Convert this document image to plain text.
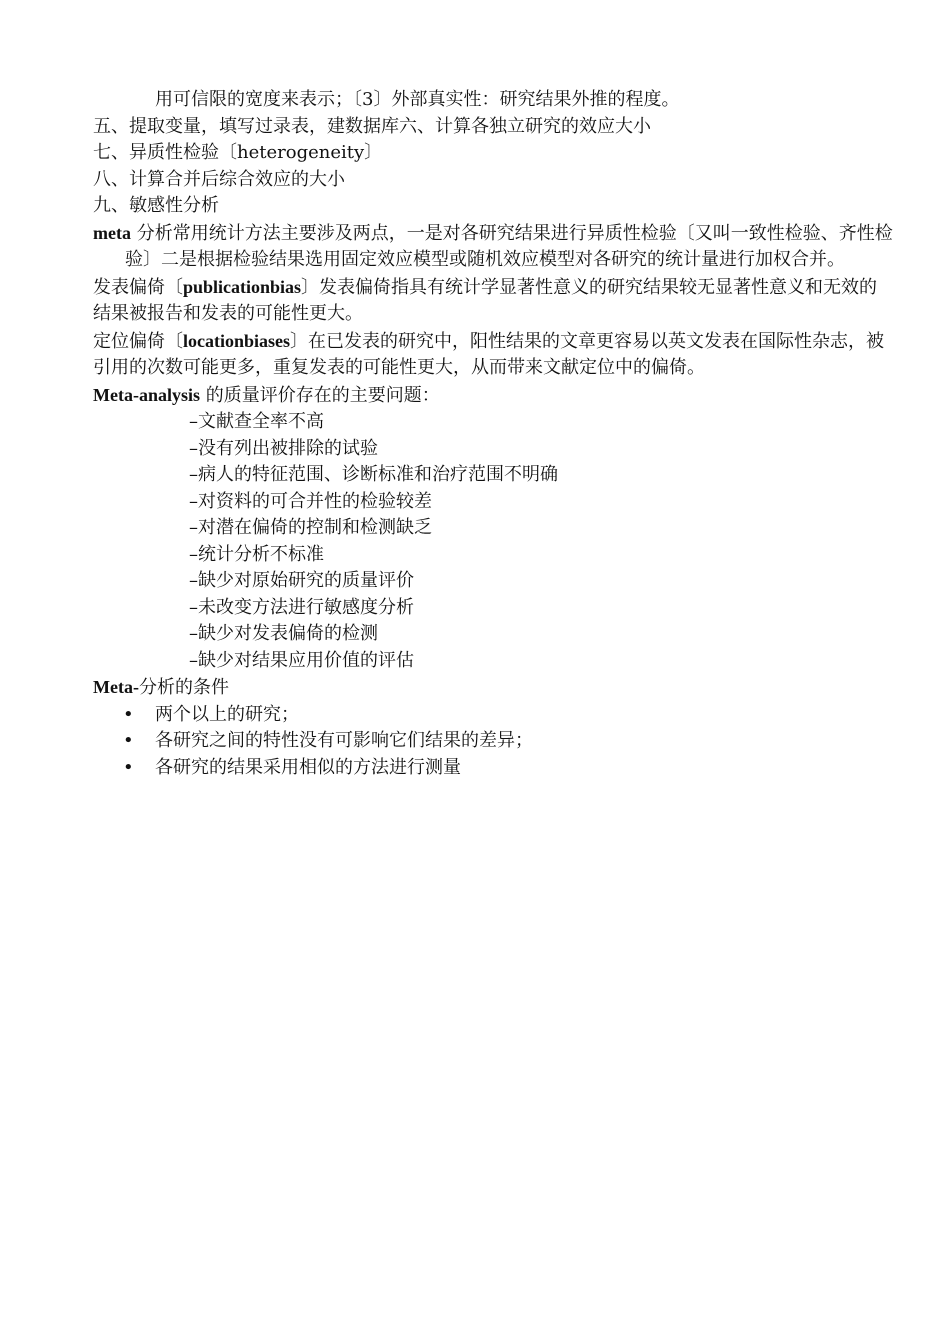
用可信限的宽度来表示；〔3〕外部真实性：研究结果外推的程度。

五、提取变量，填写过录表，建数据库六、计算各独立研究的效应大小

七、异质性检验〔heterogeneity〕

八、计算合并后综合效应的大小

九、敏感性分析

meta 分析常用统计方法主要涉及两点，一是对各研究结果进行异质性检验〔又叫一致性检验、齐性检验〕二是根据检验结果选用固定效应模型或随机效应模型对各研究的统计量进行加权合并。

发表偏倚〔publicationbias〕发表偏倚指具有统计学显著性意义的研究结果较无显著性意义和无效的结果被报告和发表的可能性更大。

定位偏倚〔locationbiases〕在已发表的研究中，阳性结果的文章更容易以英文发表在国际性杂志，被引用的次数可能更多，重复发表的可能性更大，从而带来文献定位中的偏倚。

Meta-analysis 的质量评价存在的主要问题：

–文献查全率不高
–没有列出被排除的试验
–病人的特征范围、诊断标准和治疗范围不明确
–对资料的可合并性的检验较差
–对潜在偏倚的控制和检测缺乏
–统计分析不标准
–缺少对原始研究的质量评价
–未改变方法进行敏感度分析
–缺少对发表偏倚的检测
–缺少对结果应用价值的评估

Meta-分析的条件

•	两个以上的研究；
•	各研究之间的特性没有可影响它们结果的差异；
•	各研究的结果采用相似的方法进行测量
